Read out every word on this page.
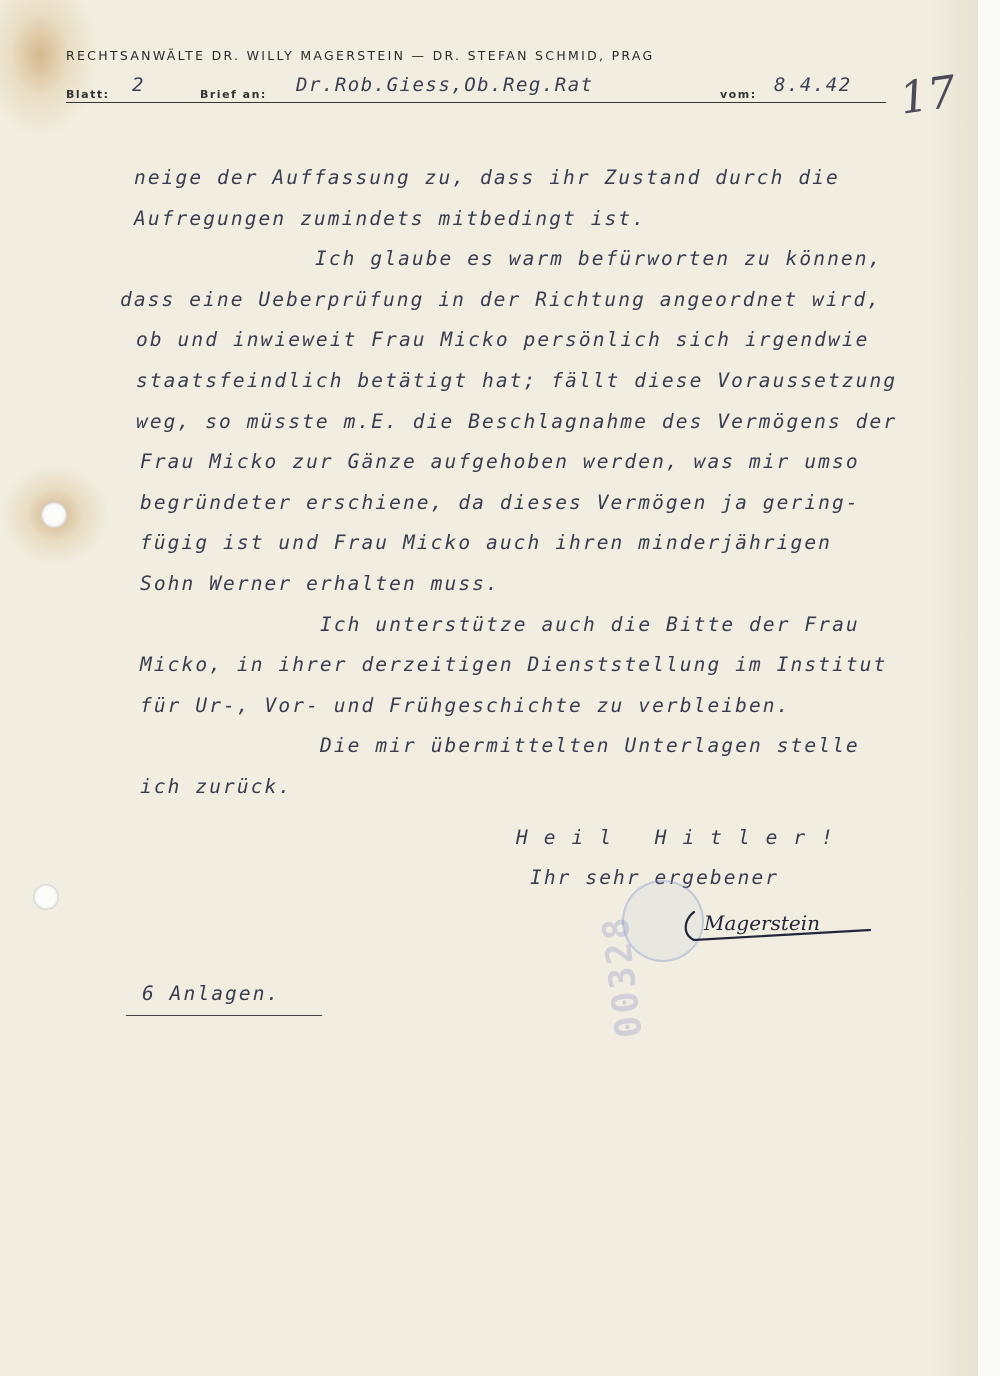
RECHTSANWÄLTE DR. WILLY MAGERSTEIN — DR. STEFAN SCHMID, PRAG
Blatt: 2	Brief an: Dr.Rob.Giess,Ob.Reg.Rat	vom: 8.4.42 17
neige der Auffassung zu, dass ihr Zustand durch die
Aufregungen zumindets mitbedingt ist.
Ich glaube es warm befürworten zu können,
dass eine Ueberprüfung in der Richtung angeordnet wird,
ob und inwieweit Frau Micko persönlich sich irgendwie
staatsfeindlich betätigt hat; fällt diese Voraussetzung
weg, so müsste m.E. die Beschlagnahme des Vermögens der
Frau Micko zur Gänze aufgehoben werden, was mir umso
begründeter erschiene, da dieses Vermögen ja gering-
fügig ist und Frau Micko auch ihren minderjährigen
Sohn Werner erhalten muss.
Ich unterstütze auch die Bitte der Frau
Micko, in ihrer derzeitigen Dienststellung im Institut
für Ur-, Vor- und Frühgeschichte zu verbleiben.
Die mir übermittelten Unterlagen stelle
ich zurück.
Heil Hitler!
Ihr sehr ergebener
Magerstein
6 Anlagen.	00328
